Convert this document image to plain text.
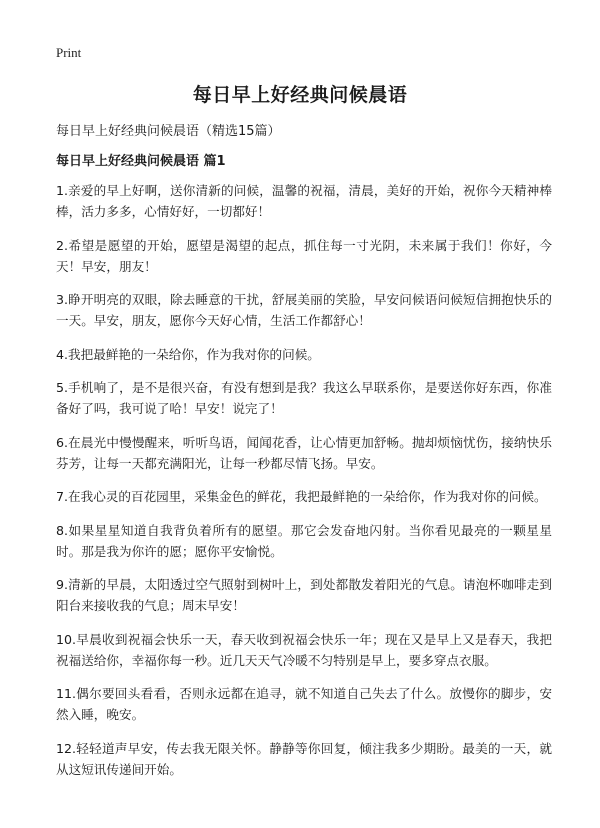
Print
每日早上好经典问候晨语

每日早上好经典问候晨语（精选15篇）

每日早上好经典问候晨语 篇1
1.亲爱的早上好啊，送你清新的问候，温馨的祝福，清晨，美好的开始，祝你今天精神棒棒，活力多多，心情好好，一切都好！
2.希望是愿望的开始，愿望是渴望的起点，抓住每一寸光阴，未来属于我们！你好，今天！早安，朋友！
3.睁开明亮的双眼，除去睡意的干扰，舒展美丽的笑脸，早安问候语问候短信拥抱快乐的一天。早安，朋友，愿你今天好心情，生活工作都舒心！
4.我把最鲜艳的一朵给你，作为我对你的问候。
5.手机响了，是不是很兴奋，有没有想到是我？我这么早联系你，是要送你好东西，你准备好了吗，我可说了哈！早安！说完了！
6.在晨光中慢慢醒来，听听鸟语，闻闻花香，让心情更加舒畅。抛却烦恼忧伤，接纳快乐芬芳，让每一天都充满阳光，让每一秒都尽情飞扬。早安。
7.在我心灵的百花园里，采集金色的鲜花，我把最鲜艳的一朵给你，作为我对你的问候。
8.如果星星知道自我背负着所有的愿望。那它会发奋地闪射。当你看见最亮的一颗星星时。那是我为你许的愿；愿你平安愉悦。
9.清新的早晨，太阳透过空气照射到树叶上，到处都散发着阳光的气息。请泡杯咖啡走到阳台来接收我的气息；周末早安！
10.早晨收到祝福会快乐一天，春天收到祝福会快乐一年；现在又是早上又是春天，我把祝福送给你，幸福你每一秒。近几天天气冷暖不匀特别是早上，要多穿点衣服。
11.偶尔要回头看看，否则永远都在追寻，就不知道自己失去了什么。放慢你的脚步，安然入睡，晚安。
12.轻轻道声早安，传去我无限关怀。静静等你回复，倾注我多少期盼。最美的一天，就从这短讯传递间开始。
